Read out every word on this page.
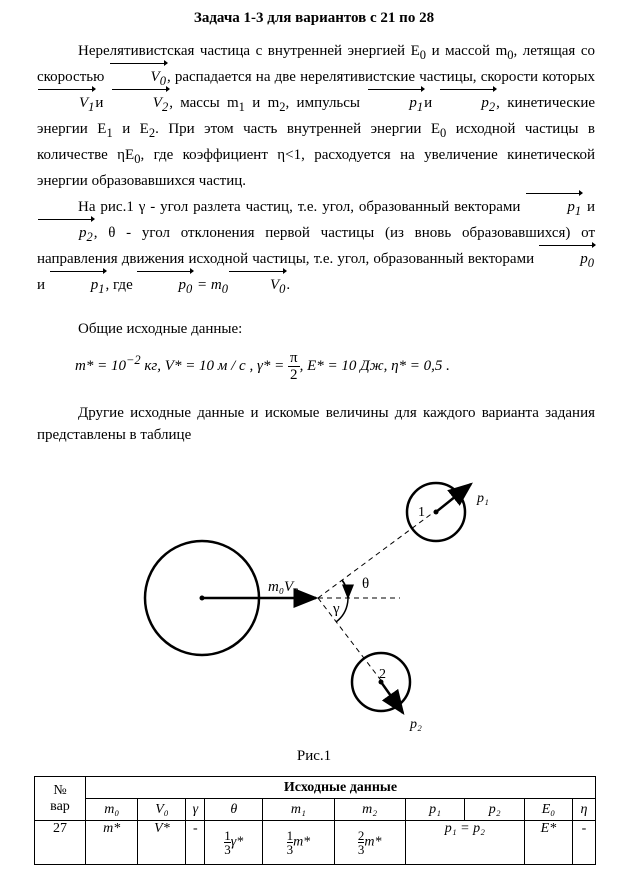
Задача 1-3 для вариантов с 21 по 28
Нерелятивистская частица с внутренней энергией $E_0$ и массой $m_0$, летящая со скоростью	$V_0$, распадается на две нерелятивистские частицы, скорости которых $V_1и$	$V_2$, массы $m_1$ и $m_2$, импульсы	$p_1и$	$p_2$, кинетические энергии $E_1$ и $E_2$. При этом часть внутренней энергии $E_0$ исходной частицы в количестве $\eta E_0$, где коэффициент η<1, расходуется на увеличение кинетической энергии образовавшихся частиц.
На рис.1 γ - угол разлета частиц, т.е. угол, образованный векторами	$p_1$ и $p_2$, θ - угол отклонения первой частицы (из вновь образовавшихся) от направления движения исходной частицы, т.е. угол, образованный векторами	$p_0$ и	$p_1$, где	$p_0 = m_0$	$V_0$.
Общие исходные данные:
$m* = 10^{-2}$ кг, V* = 10 м / с , $\gamma* = \frac{\pi}{2}$ , E* = 10 Дж, η* = 0,5 .
Другие исходные данные и искомые величины для каждого варианта задания представлены в таблице
m₀V₀
p₁
p₂
1
2
θ
γ
Рис.1
№
вар	Исходные данные									
	m₀	V₀	γ	θ	m₁	m₂	p₁	p₂	E₀	η
27	m*	V*	-	$\frac{1}{3} \gamma*$	$\frac{1}{3} m*$	$\frac{2}{3} m*$	p₁ = p₂		E*	-
